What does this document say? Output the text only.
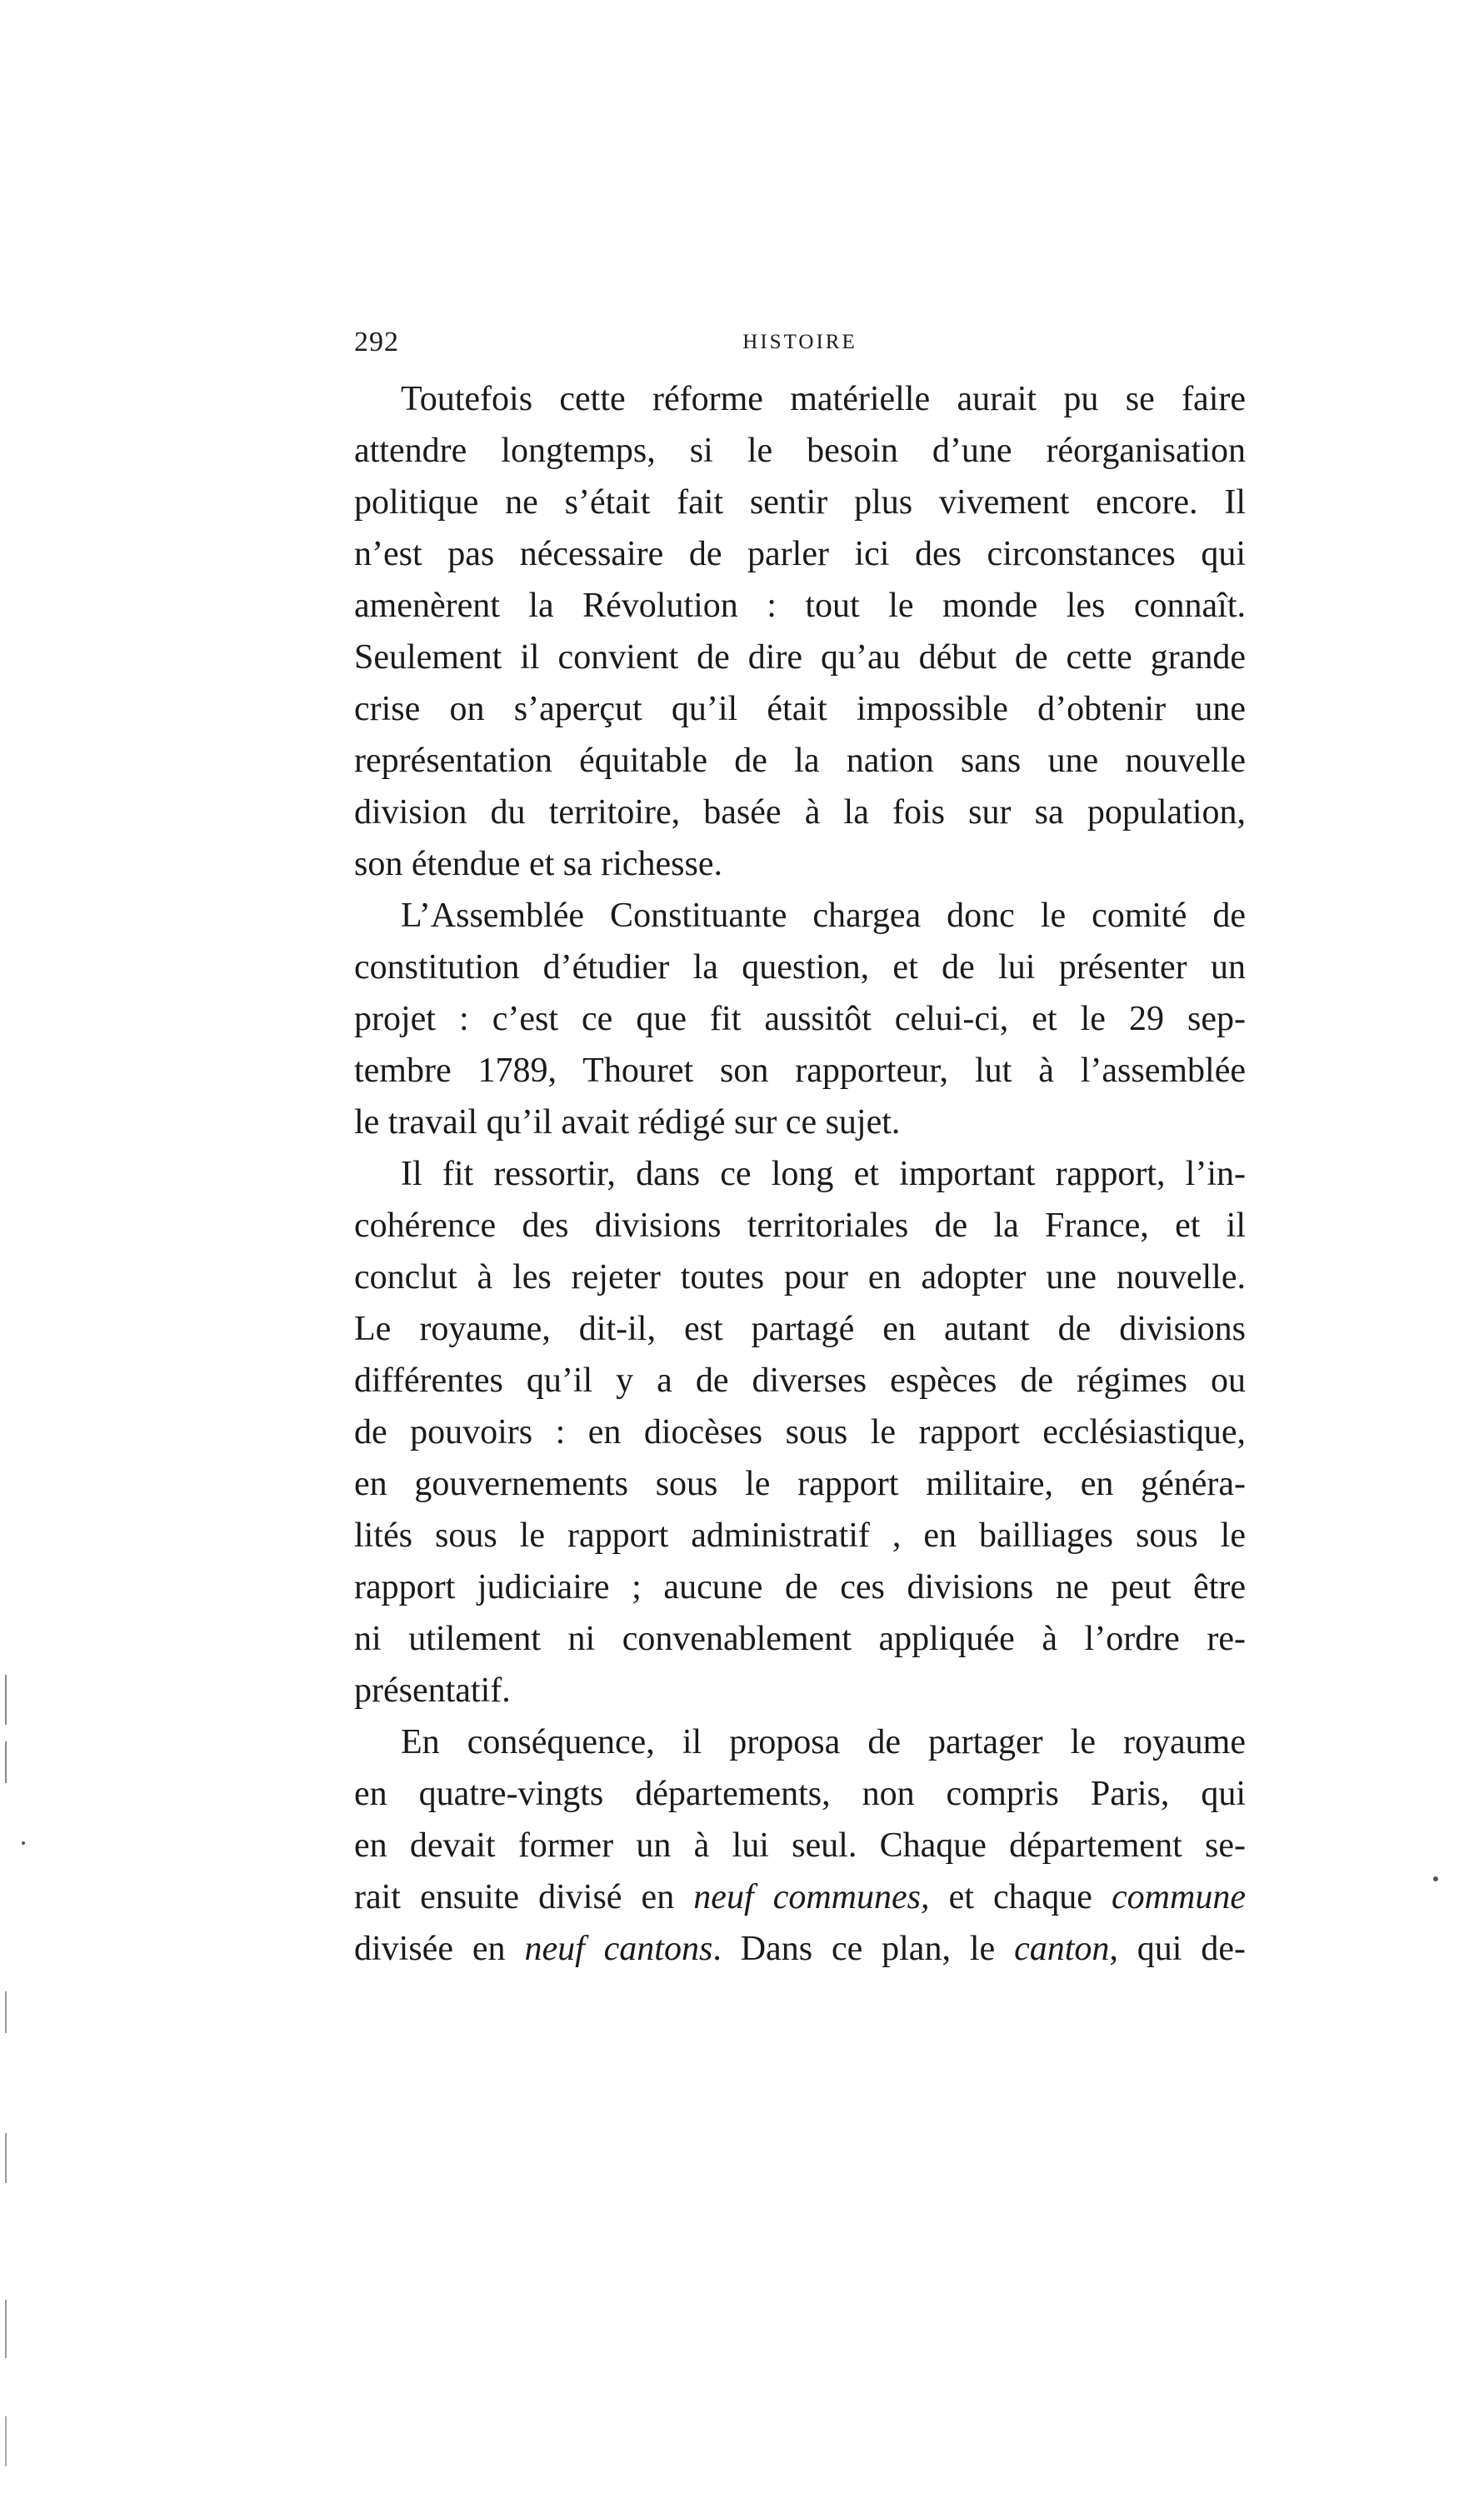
292	HISTOIRE
Toutefois cette réforme matérielle aurait pu se faire
attendre longtemps, si le besoin d’une réorganisation
politique ne s’était fait sentir plus vivement encore. Il
n’est pas nécessaire de parler ici des circonstances qui
amenèrent la Révolution : tout le monde les connaît.
Seulement il convient de dire qu’au début de cette grande
crise on s’aperçut qu’il était impossible d’obtenir une
représentation équitable de la nation sans une nouvelle
division du territoire, basée à la fois sur sa population,
son étendue et sa richesse.
L’Assemblée Constituante chargea donc le comité de
constitution d’étudier la question, et de lui présenter un
projet : c’est ce que fit aussitôt celui-ci, et le 29 sep-
tembre 1789, Thouret son rapporteur, lut à l’assemblée
le travail qu’il avait rédigé sur ce sujet.
Il fit ressortir, dans ce long et important rapport, l’in-
cohérence des divisions territoriales de la France, et il
conclut à les rejeter toutes pour en adopter une nouvelle.
Le royaume, dit-il, est partagé en autant de divisions
différentes qu’il y a de diverses espèces de régimes ou
de pouvoirs : en diocèses sous le rapport ecclésiastique,
en gouvernements sous le rapport militaire, en généra-
lités sous le rapport administratif , en bailliages sous le
rapport judiciaire ; aucune de ces divisions ne peut être
ni utilement ni convenablement appliquée à l’ordre re-
présentatif.
En conséquence, il proposa de partager le royaume
en quatre-vingts départements, non compris Paris, qui
en devait former un à lui seul. Chaque département se-
rait ensuite divisé en neuf communes, et chaque commune
divisée en neuf cantons. Dans ce plan, le canton, qui de-
